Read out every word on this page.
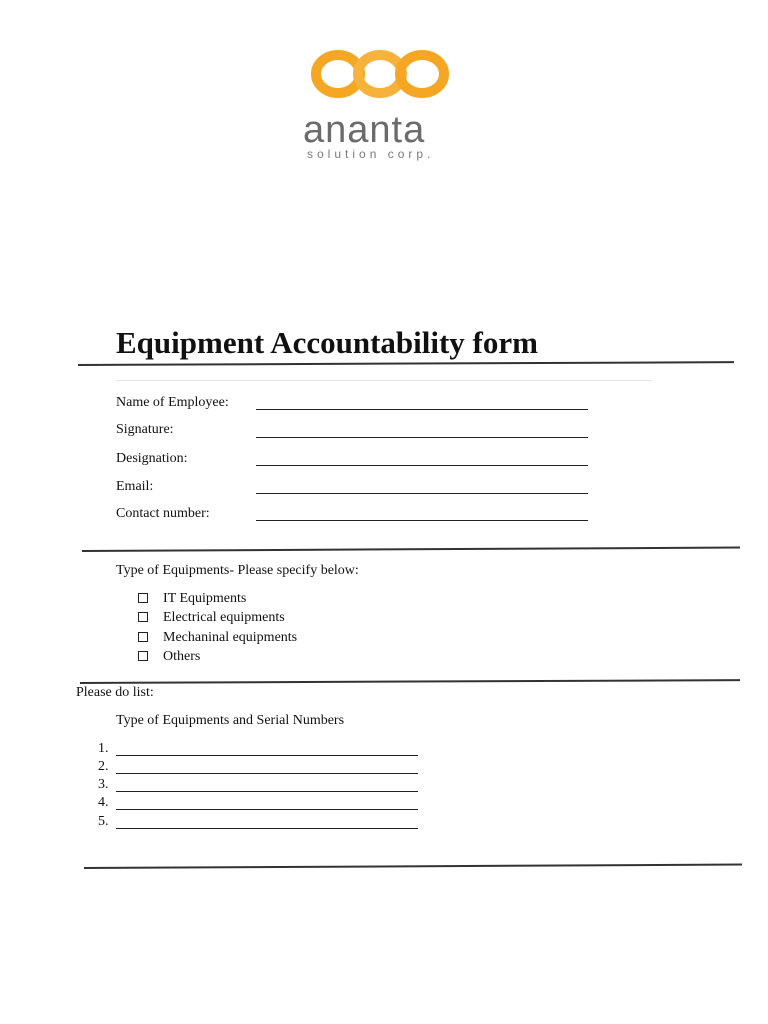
ananta
solution corp.
Equipment Accountability form
Name of Employee:
Signature:
Designation:
Email:
Contact number:
Type of Equipments- Please specify below:
IT Equipments
Electrical equipments
Mechaninal equipments
Others
Please do list:
Type of Equipments and Serial Numbers
1.
2.
3.
4.
5.
